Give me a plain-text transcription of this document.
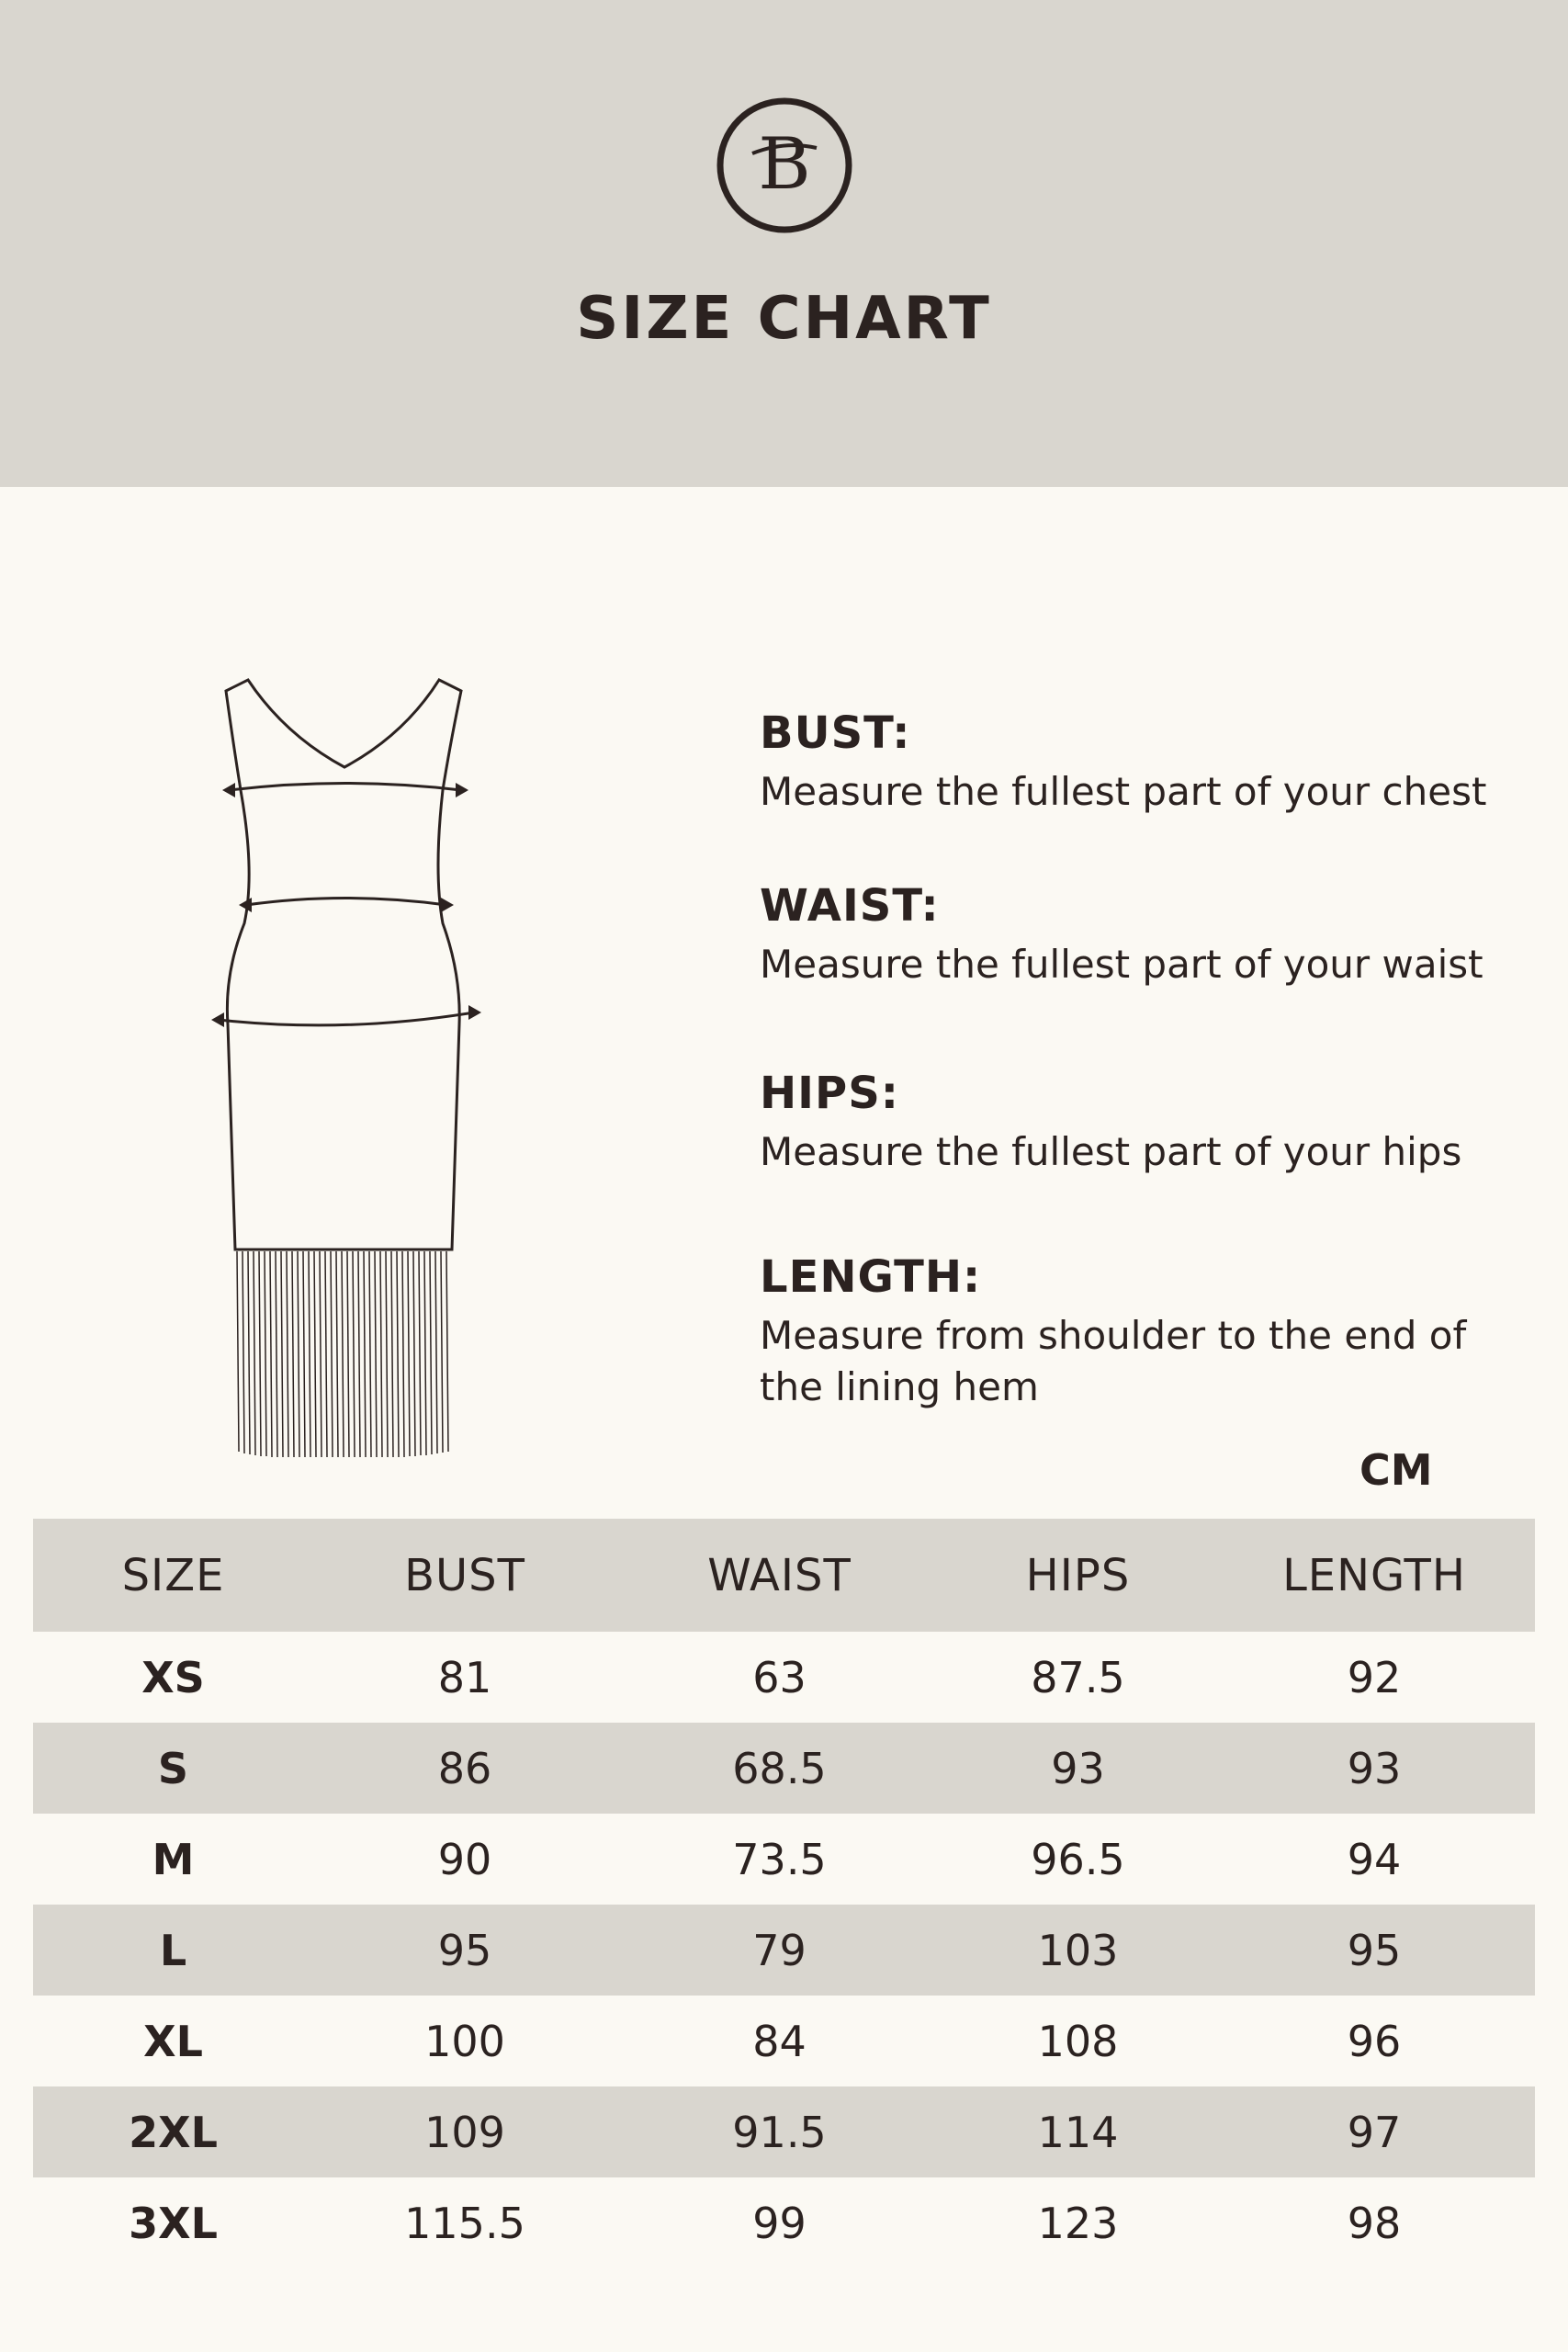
B
SIZE CHART
BUST:
Measure the fullest part of your chest
WAIST:
Measure the fullest part of your waist
HIPS:
Measure the fullest part of your hips
LENGTH:
Measure from shoulder to the end of the lining hem
CM
SIZE	BUST	WAIST	HIPS	LENGTH
XS	81	63	87.5	92
S	86	68.5	93	93
M	90	73.5	96.5	94
L	95	79	103	95
XL	100	84	108	96
2XL	109	91.5	114	97
3XL	115.5	99	123	98
